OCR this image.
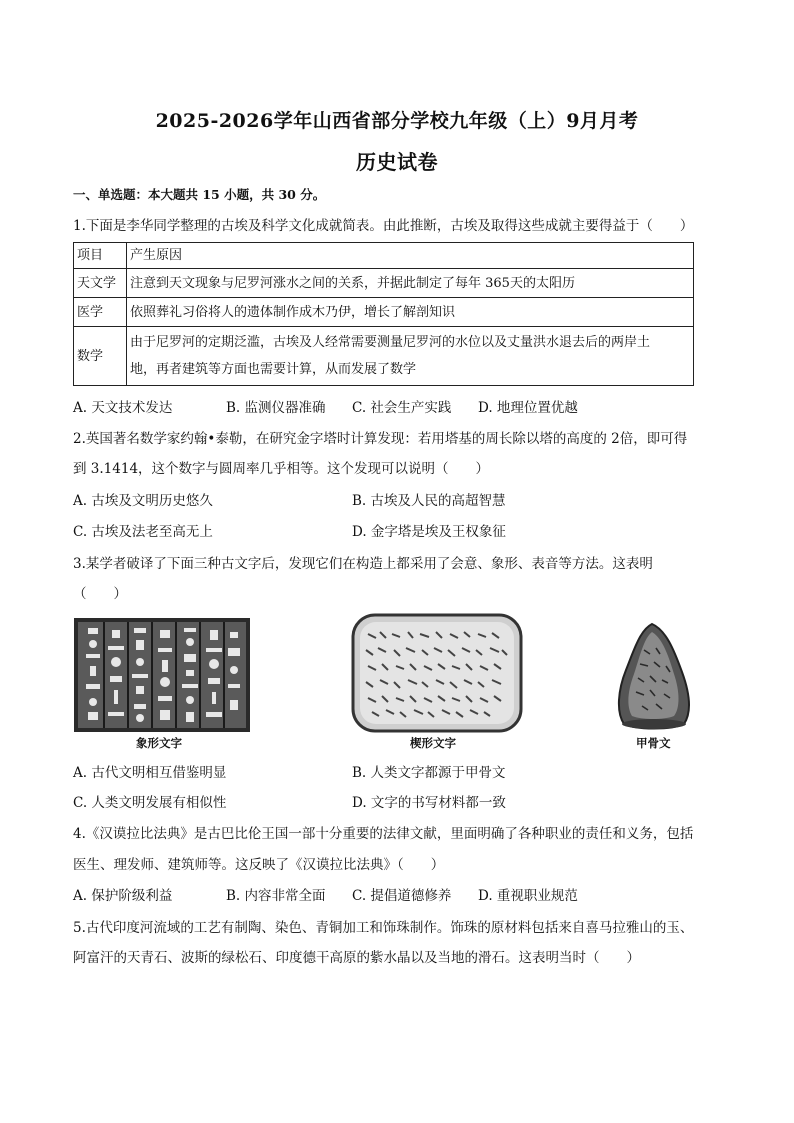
2025-2026学年山西省部分学校九年级（上）9月月考
历史试卷
一、单选题：本大题共 15 小题，共 30 分。
1.下面是李华同学整理的古埃及科学文化成就简表。由此推断，古埃及取得这些成就主要得益于（　　）
项目	产生原因
天文学	注意到天文现象与尼罗河涨水之间的关系，并据此制定了每年 365天的太阳历
医学	依照葬礼习俗将人的遗体制作成木乃伊，增长了解剖知识
数学	由于尼罗河的定期泛滥，古埃及人经常需要测量尼罗河的水位以及丈量洪水退去后的两岸土
地，再者建筑等方面也需要计算，从而发展了数学
A. 天文技术发达	B. 监测仪器准确 C. 社会生产实践 D. 地理位置优越
2.英国著名数学家约翰•泰勒，在研究金字塔时计算发现：若用塔基的周长除以塔的高度的 2倍，即可得
到 3.1414，这个数字与圆周率几乎相等。这个发现可以说明（　　）
A. 古埃及文明历史悠久	B. 古埃及人民的高超智慧
C. 古埃及法老至高无上	D. 金字塔是埃及王权象征
3.某学者破译了下面三种古文字后，发现它们在构造上都采用了会意、象形、表音等方法。这表明
（　　）
象形文字	楔形文字	甲骨文
A. 古代文明相互借鉴明显	B. 人类文字都源于甲骨文
C. 人类文明发展有相似性	D. 文字的书写材料都一致
4.《汉谟拉比法典》是古巴比伦王国一部十分重要的法律文献，里面明确了各种职业的责任和义务，包括
医生、理发师、建筑师等。这反映了《汉谟拉比法典》（　　）
A. 保护阶级利益	B. 内容非常全面 C. 提倡道德修养 D. 重视职业规范
5.古代印度河流域的工艺有制陶、染色、青铜加工和饰珠制作。饰珠的原材料包括来自喜马拉雅山的玉、
阿富汗的天青石、波斯的绿松石、印度德干高原的紫水晶以及当地的滑石。这表明当时（　　）
